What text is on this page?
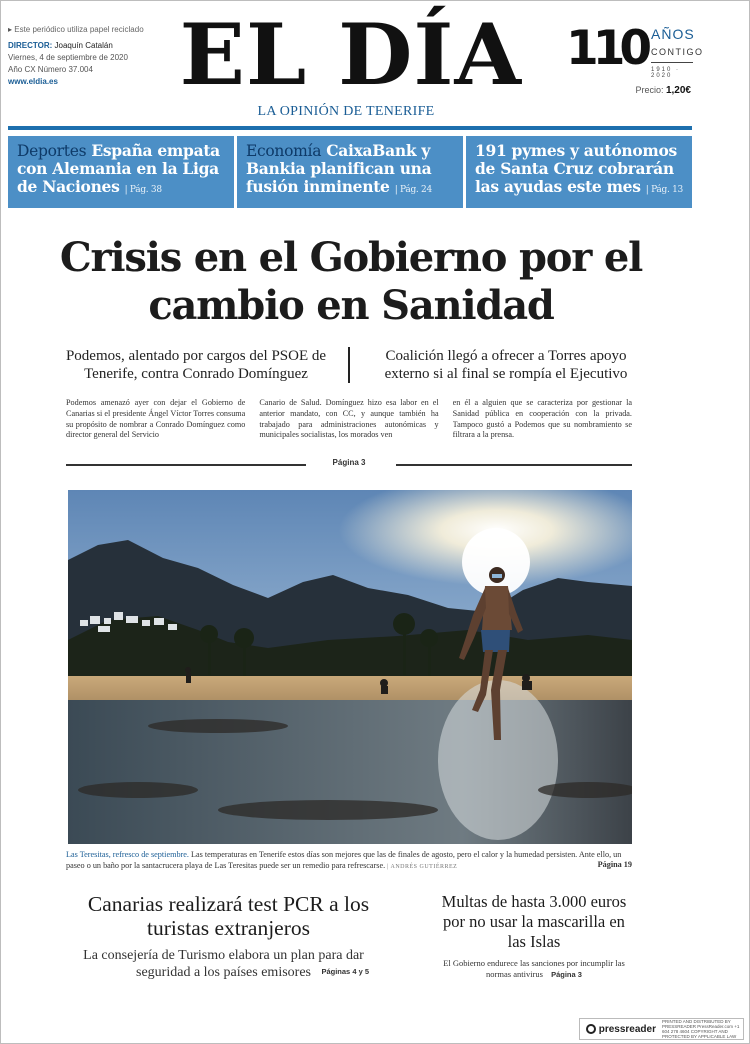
▸ Este periódico utiliza papel reciclado
DIRECTOR: Joaquín Catalán
Viernes, 4 de septiembre de 2020
Año CX Número 37.004
www.eldia.es	EL DÍA
LA OPINIÓN DE TENERIFE
110 AÑOS
CONTIGO
1910 · 2020
Precio: 1,20€
Deportes España empata con Alemania en la Liga de Naciones | Pág. 38
Economía CaixaBank y Bankia planifican una fusión inminente | Pág. 24
191 pymes y autónomos de Santa Cruz cobrarán las ayudas este mes | Pág. 13
Crisis en el Gobierno por el cambio en Sanidad
Podemos, alentado por cargos del PSOE de Tenerife, contra Conrado Domínguez
Coalición llegó a ofrecer a Torres apoyo externo si al final se rompía el Ejecutivo
Podemos amenazó ayer con dejar el Gobierno de Canarias si el presidente Ángel Víctor Torres consuma su propósito de nombrar a Conrado Domínguez como director general del Servicio
Canario de Salud. Domínguez hizo esa labor en el anterior mandato, con CC, y aunque también ha trabajado para administraciones autonómicas y municipales socialistas, los morados ven
en él a alguien que se caracteriza por gestionar la Sanidad pública en cooperación con la privada. Tampoco gustó a Podemos que su nombramiento se filtrara a la prensa.
Página 3
Las Teresitas, refresco de septiembre. Las temperaturas en Tenerife estos días son mejores que las de finales de agosto, pero el calor y la humedad persisten. Ante ello, un paseo o un baño por la santacrucera playa de Las Teresitas puede ser un remedio para refrescarse. | ANDRÉS GUTIÉRREZ	Página 19
Canarias realizará test PCR a los turistas extranjeros
La consejería de Turismo elabora un plan para dar seguridad a los países emisores	Páginas 4 y 5
Multas de hasta 3.000 euros por no usar la mascarilla en las Islas
El Gobierno endurece las sanciones por incumplir las normas antivirus Página 3
pressreader
PRINTED AND DISTRIBUTED BY PRESSREADER PressReader.com +1 604 278 4604 COPYRIGHT AND PROTECTED BY APPLICABLE LAW
